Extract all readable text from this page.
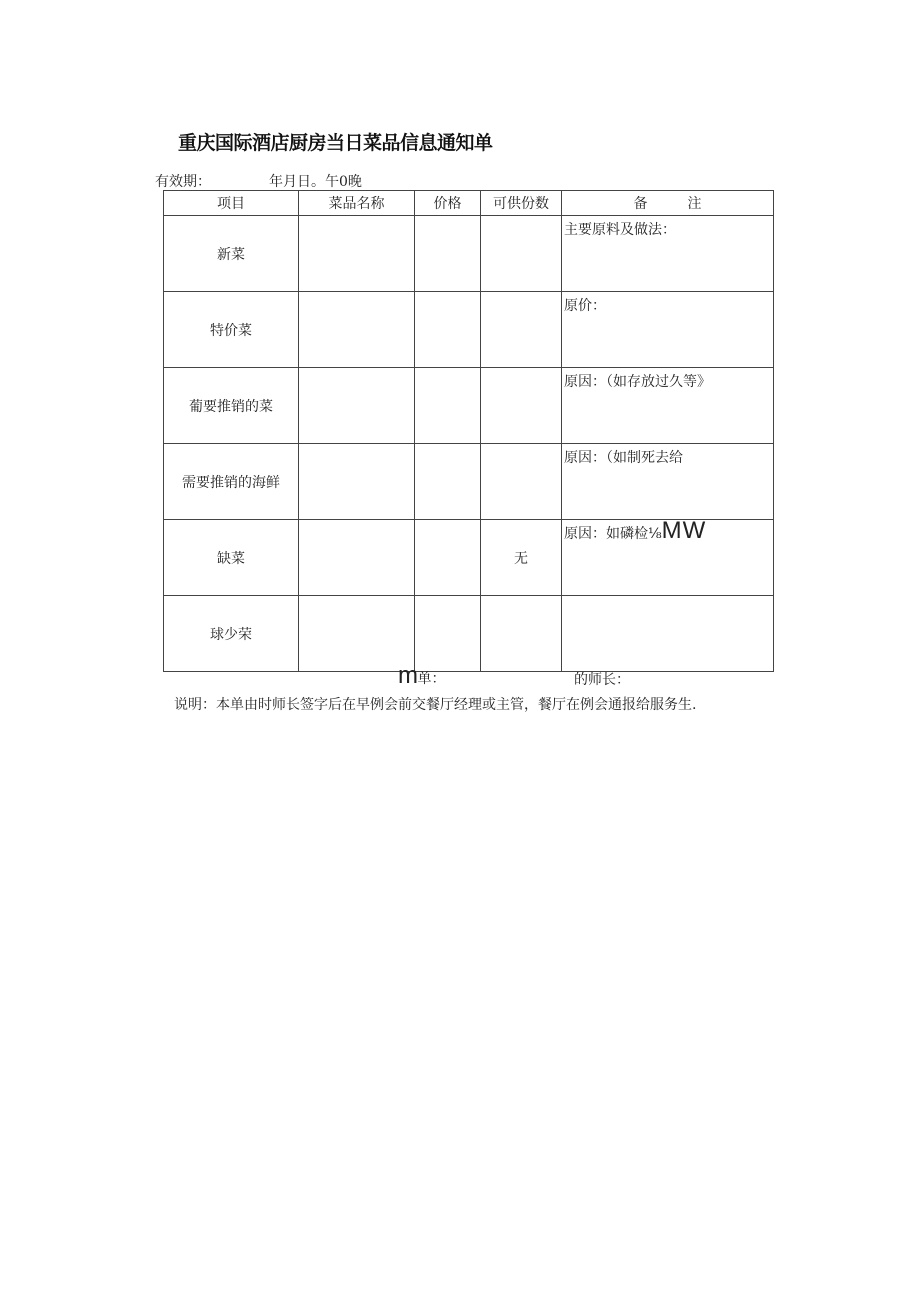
重庆国际酒店厨房当日菜品信息通知单
有效期：	年月日。午0晚
项目	菜品名称	价格	可供份数	备 注
新菜				主要原料及做法：
特价菜				原价：
葡要推销的菜				原因：（如存放过久等》
需要推销的海鲜				原因：（如制死去给
缺菜			无	原因：如磷检⅛MW
球少荣				
m单：	的师长：
说明：本单由时师长签字后在早例会前交餐厅经理或主管，餐厅在例会通报给服务生.
